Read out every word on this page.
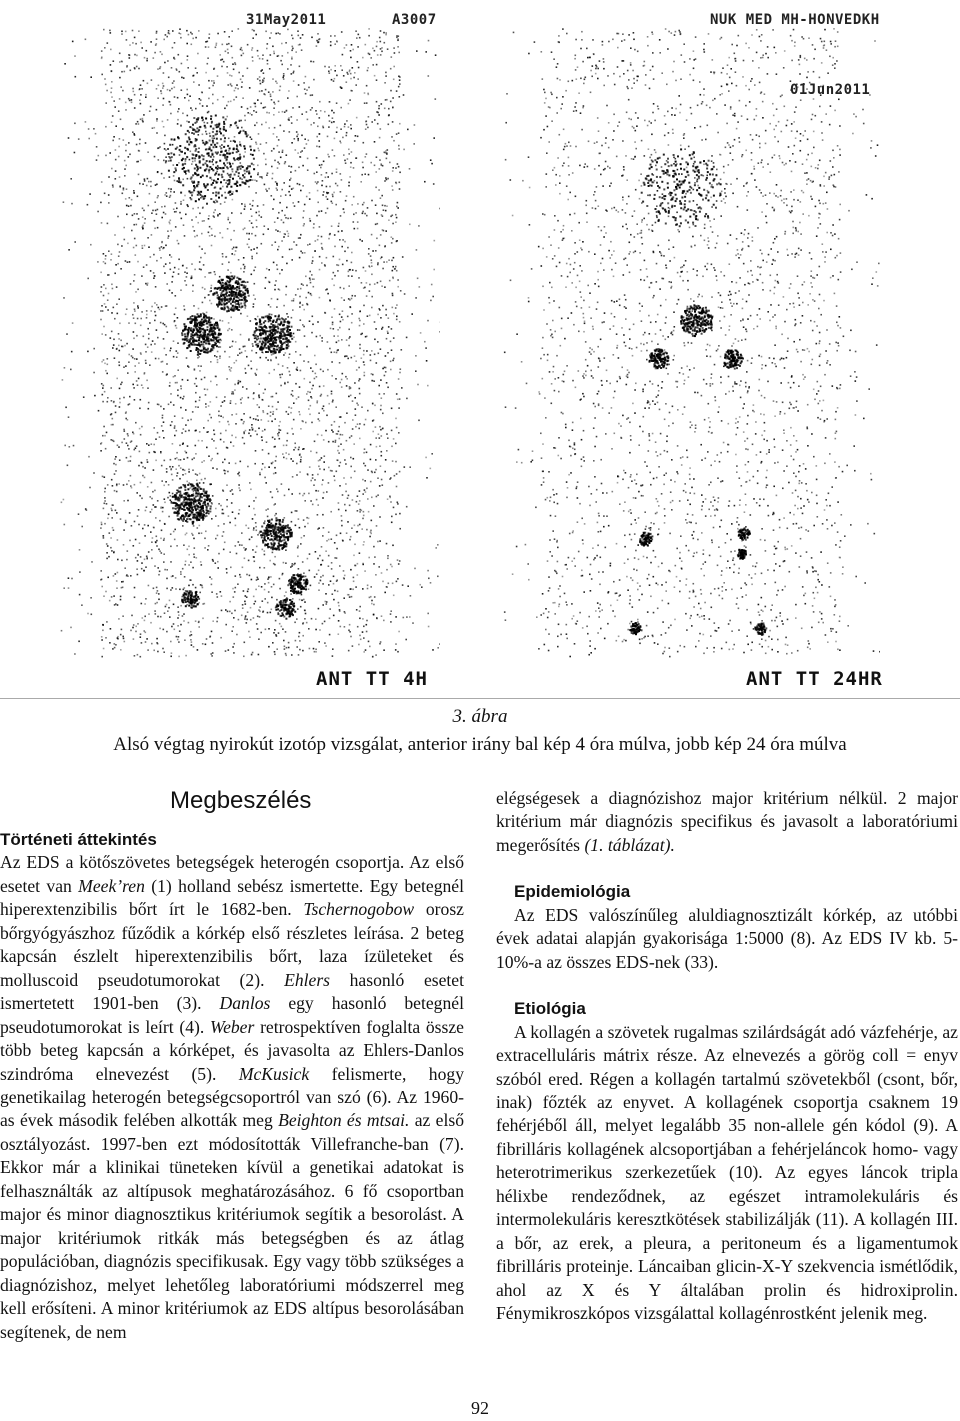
31May2011	A3007
ANT TT 4H
NUK MED MH-HONVEDKH
01Jun2011
ANT TT 24HR
3. ábra
Alsó végtag nyirokút izotóp vizsgálat, anterior irány bal kép 4 óra múlva, jobb kép 24 óra múlva
Megbeszélés
Történeti áttekintés

Az EDS a kötőszövetes betegségek heterogén csoportja. Az első esetet van Meek’ren (1) holland sebész ismertette. Egy betegnél hiperextenzibilis bőrt írt le 1682-ben. Tschernogobow orosz bőrgyógyászhoz fűződik a kórkép első részletes leírása. 2 beteg kapcsán észlelt hiperextenzibilis bőrt, laza ízületeket és molluscoid pseudotumorokat (2). Ehlers hasonló esetet ismertetett 1901-ben (3). Danlos egy hasonló betegnél pseudotumorokat is leírt (4). Weber retrospektíven foglalta össze több beteg kapcsán a kórképet, és javasolta az Ehlers-Danlos szindróma elnevezést (5). McKusick felismerte, hogy genetikailag heterogén betegségcsoportról van szó (6). Az 1960-as évek második felében alkották meg Beighton és mtsai. az első osztályozást. 1997-ben ezt módosították Villefranche-ban (7). Ekkor már a klinikai tüneteken kívül a genetikai adatokat is felhasználták az altípusok meghatározásához. 6 fő csoportban major és minor diagnosztikus kritériumok segítik a besorolást. A major kritériumok ritkák más betegségben és az átlag populációban, diagnózis specifikusak. Egy vagy több szükséges a diagnózishoz, melyet lehetőleg laboratóriumi módszerrel meg kell erősíteni. A minor kritériumok az EDS altípus besorolásában segítenek, de nem

elégségesek a diagnózishoz major kritérium nélkül. 2 major kritérium már diagnózis specifikus és javasolt a laboratóriumi megerősítés (1. táblázat).

Epidemiológia

Az EDS valószínűleg aluldiagnosztizált kórkép, az utóbbi évek adatai alapján gyakorisága 1:5000 (8). Az EDS IV kb. 5-10%-a az összes EDS-nek (33).

Etiológia

A kollagén a szövetek rugalmas szilárdságát adó vázfehérje, az extracelluláris mátrix része. Az elnevezés a görög coll = enyv szóból ered. Régen a kollagén tartalmú szövetekből (csont, bőr, inak) főzték az enyvet. A kollagének csoportja csaknem 19 fehérjéből áll, melyet legalább 35 non-allele gén kódol (9). A fibrilláris kollagének alcsoportjában a fehérjeláncok homo- vagy heterotrimerikus szerkezetűek (10). Az egyes láncok tripla hélixbe rendeződnek, az egészet intramolekuláris és intermolekuláris keresztkötések stabilizálják (11). A kollagén III. a bőr, az erek, a pleura, a peritoneum és a ligamentumok fibrilláris proteinje. Láncaiban glicin-X-Y szekvencia ismétlődik, ahol az X és Y általában prolin és hidroxiprolin. Fénymikroszkópos vizsgálattal kollagénrostként jelenik meg.

92
